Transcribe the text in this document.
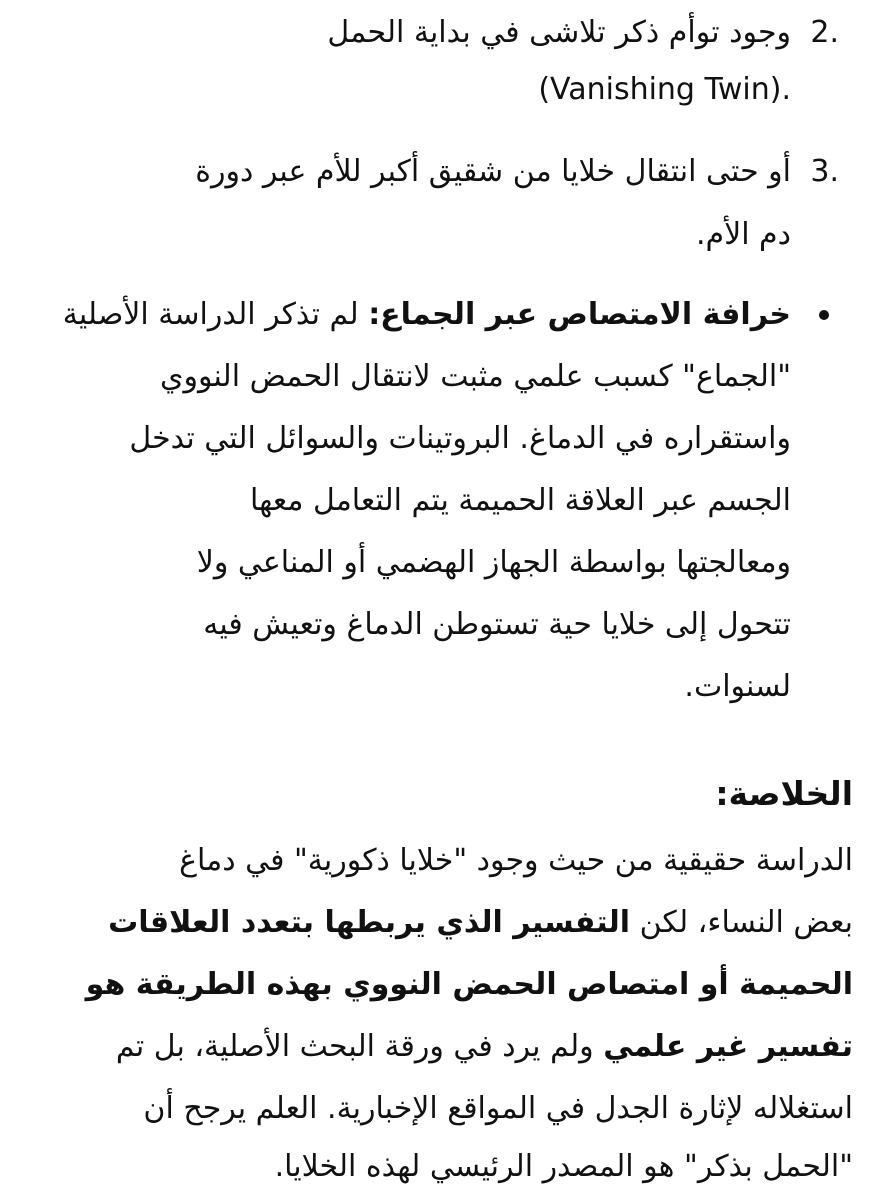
2.
وجود توأم ذكر تلاشى في بداية الحمل
(Vanishing Twin).
3.
أو حتى انتقال خلايا من شقيق أكبر للأم عبر دورة
دم الأم.
خرافة الامتصاص عبر الجماع: لم تذكر الدراسة الأصلية
"الجماع" كسبب علمي مثبت لانتقال الحمض النووي
واستقراره في الدماغ. البروتينات والسوائل التي تدخل
الجسم عبر العلاقة الحميمة يتم التعامل معها
ومعالجتها بواسطة الجهاز الهضمي أو المناعي ولا
تتحول إلى خلايا حية تستوطن الدماغ وتعيش فيه
لسنوات.
الخلاصة:
الدراسة حقيقية من حيث وجود "خلايا ذكورية" في دماغ
بعض النساء، لكن التفسير الذي يربطها بتعدد العلاقات
الحميمة أو امتصاص الحمض النووي بهذه الطريقة هو
تفسير غير علمي ولم يرد في ورقة البحث الأصلية، بل تم
استغلاله لإثارة الجدل في المواقع الإخبارية. العلم يرجح أن
"الحمل بذكر" هو المصدر الرئيسي لهذه الخلايا.
